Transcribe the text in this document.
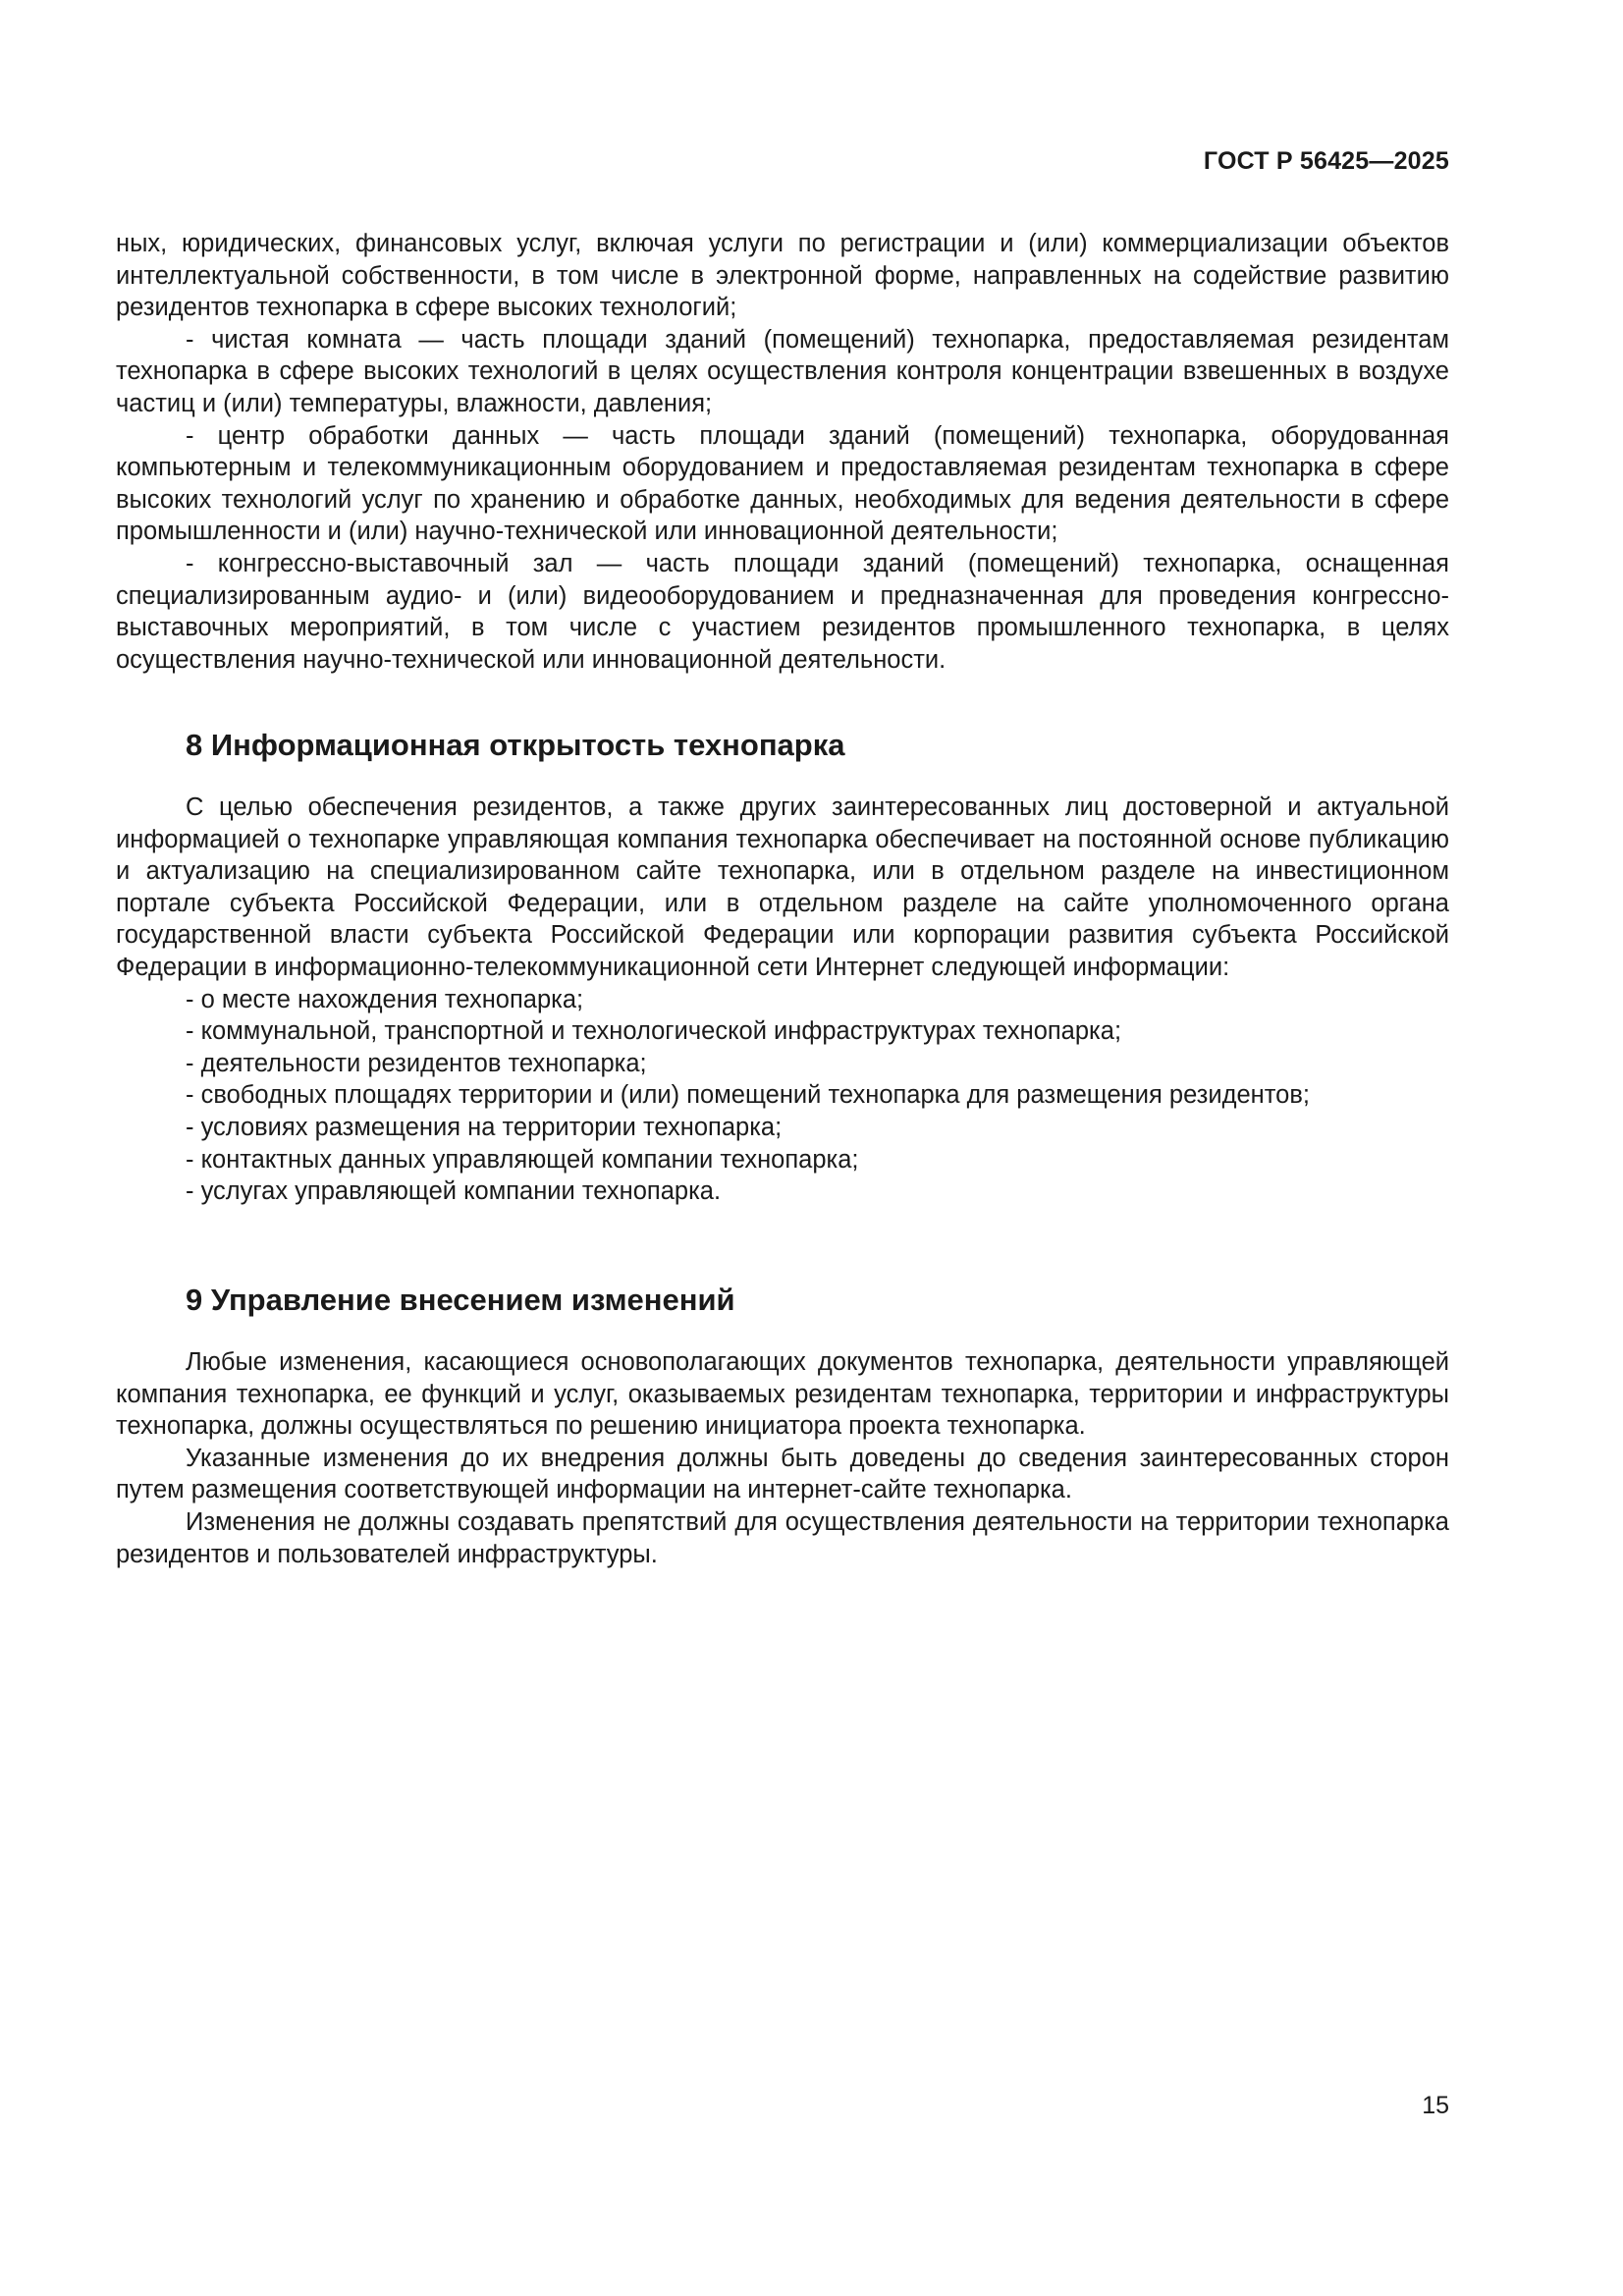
ГОСТ Р 56425—2025

ных, юридических, финансовых услуг, включая услуги по регистрации и (или) коммерциализации объектов интеллектуальной собственности, в том числе в электронной форме, направленных на содействие развитию резидентов технопарка в сфере высоких технологий;

- чистая комната — часть площади зданий (помещений) технопарка, предоставляемая резидентам технопарка в сфере высоких технологий в целях осуществления контроля концентрации взвешенных в воздухе частиц и (или) температуры, влажности, давления;

- центр обработки данных — часть площади зданий (помещений) технопарка, оборудованная компьютерным и телекоммуникационным оборудованием и предоставляемая резидентам технопарка в сфере высоких технологий услуг по хранению и обработке данных, необходимых для ведения деятельности в сфере промышленности и (или) научно-технической или инновационной деятельности;

- конгрессно-выставочный зал — часть площади зданий (помещений) технопарка, оснащенная специализированным аудио- и (или) видеооборудованием и предназначенная для проведения конгрессно-выставочных мероприятий, в том числе с участием резидентов промышленного технопарка, в целях осуществления научно-технической или инновационной деятельности.

8 Информационная открытость технопарка

С целью обеспечения резидентов, а также других заинтересованных лиц достоверной и актуальной информацией о технопарке управляющая компания технопарка обеспечивает на постоянной основе публикацию и актуализацию на специализированном сайте технопарка, или в отдельном разделе на инвестиционном портале субъекта Российской Федерации, или в отдельном разделе на сайте уполномоченного органа государственной власти субъекта Российской Федерации или корпорации развития субъекта Российской Федерации в информационно-телекоммуникационной сети Интернет следующей информации:

- о месте нахождения технопарка;

- коммунальной, транспортной и технологической инфраструктурах технопарка;

- деятельности резидентов технопарка;

- свободных площадях территории и (или) помещений технопарка для размещения резидентов;

- условиях размещения на территории технопарка;

- контактных данных управляющей компании технопарка;

- услугах управляющей компании технопарка.

9 Управление внесением изменений

Любые изменения, касающиеся основополагающих документов технопарка, деятельности управляющей компания технопарка, ее функций и услуг, оказываемых резидентам технопарка, территории и инфраструктуры технопарка, должны осуществляться по решению инициатора проекта технопарка.

Указанные изменения до их внедрения должны быть доведены до сведения заинтересованных сторон путем размещения соответствующей информации на интернет-сайте технопарка.

Изменения не должны создавать препятствий для осуществления деятельности на территории технопарка резидентов и пользователей инфраструктуры.

15
